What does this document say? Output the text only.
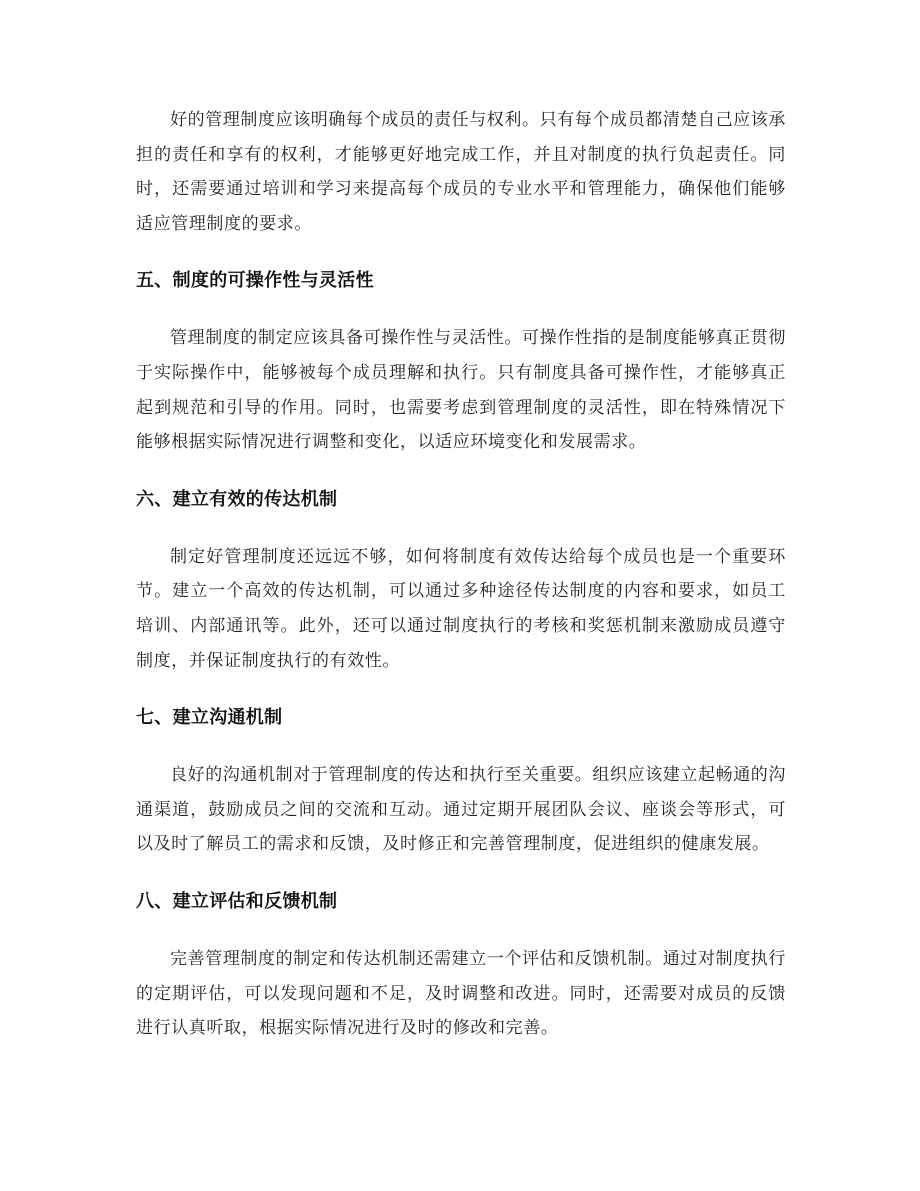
好的管理制度应该明确每个成员的责任与权利。只有每个成员都清楚自己应该承担的责任和享有的权利，才能够更好地完成工作，并且对制度的执行负起责任。同时，还需要通过培训和学习来提高每个成员的专业水平和管理能力，确保他们能够适应管理制度的要求。

五、制度的可操作性与灵活性

管理制度的制定应该具备可操作性与灵活性。可操作性指的是制度能够真正贯彻于实际操作中，能够被每个成员理解和执行。只有制度具备可操作性，才能够真正起到规范和引导的作用。同时，也需要考虑到管理制度的灵活性，即在特殊情况下能够根据实际情况进行调整和变化，以适应环境变化和发展需求。

六、建立有效的传达机制

制定好管理制度还远远不够，如何将制度有效传达给每个成员也是一个重要环节。建立一个高效的传达机制，可以通过多种途径传达制度的内容和要求，如员工培训、内部通讯等。此外，还可以通过制度执行的考核和奖惩机制来激励成员遵守制度，并保证制度执行的有效性。

七、建立沟通机制

良好的沟通机制对于管理制度的传达和执行至关重要。组织应该建立起畅通的沟通渠道，鼓励成员之间的交流和互动。通过定期开展团队会议、座谈会等形式，可以及时了解员工的需求和反馈，及时修正和完善管理制度，促进组织的健康发展。

八、建立评估和反馈机制

完善管理制度的制定和传达机制还需建立一个评估和反馈机制。通过对制度执行的定期评估，可以发现问题和不足，及时调整和改进。同时，还需要对成员的反馈进行认真听取，根据实际情况进行及时的修改和完善。
